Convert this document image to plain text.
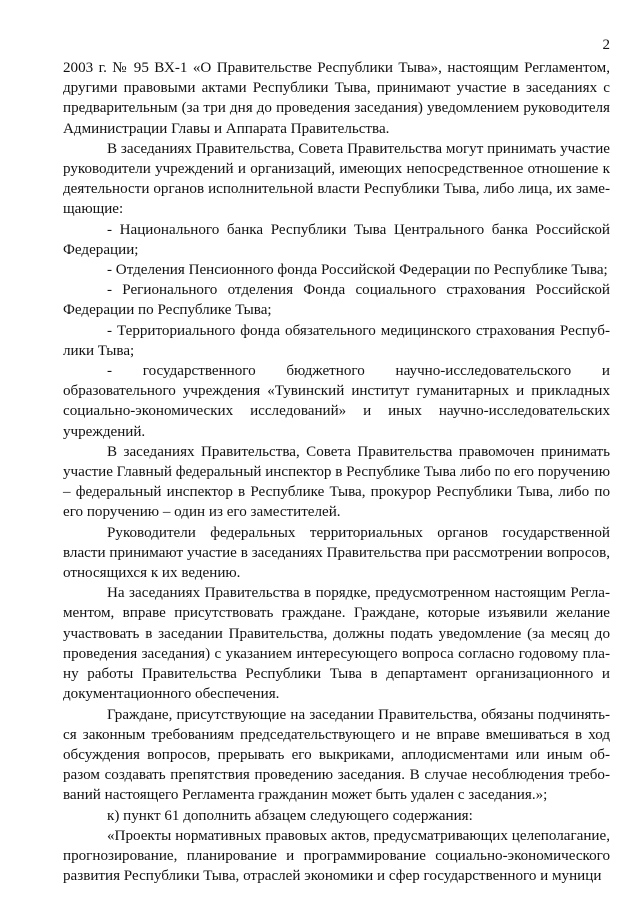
2

2003 г. № 95 ВХ-1 «О Правительстве Республики Тыва», настоящим Регламентом, другими правовыми актами Республики Тыва, принимают участие в заседаниях с предварительным (за три дня до проведения заседания) уведомлением руководителя Администрации Главы и Аппарата Правительства.

В заседаниях Правительства, Совета Правительства могут принимать участие руководители учреждений и организаций, имеющих непосредственное отношение к деятельности органов исполнительной власти Республики Тыва, либо лица, их замещающие:

- Национального банка Республики Тыва Центрального банка Российской Федерации;

- Отделения Пенсионного фонда Российской Федерации по Республике Тыва;

- Регионального отделения Фонда социального страхования Российской Федерации по Республике Тыва;

- Территориального фонда обязательного медицинского страхования Республики Тыва;

- государственного бюджетного научно-исследовательского и образовательного учреждения «Тувинский институт гуманитарных и прикладных социально-экономических исследований» и иных научно-исследовательских учреждений.

В заседаниях Правительства, Совета Правительства правомочен принимать участие Главный федеральный инспектор в Республике Тыва либо по его поручению – федеральный инспектор в Республике Тыва, прокурор Республики Тыва, либо по его поручению – один из его заместителей.

Руководители федеральных территориальных органов государственной власти принимают участие в заседаниях Правительства при рассмотрении вопросов, относящихся к их ведению.

На заседаниях Правительства в порядке, предусмотренном настоящим Регламентом, вправе присутствовать граждане. Граждане, которые изъявили желание участвовать в заседании Правительства, должны подать уведомление (за месяц до проведения заседания) с указанием интересующего вопроса согласно годовому плану работы Правительства Республики Тыва в департамент организационного и документационного обеспечения.

Граждане, присутствующие на заседании Правительства, обязаны подчиняться законным требованиям председательствующего и не вправе вмешиваться в ход обсуждения вопросов, прерывать его выкриками, аплодисментами или иным образом создавать препятствия проведению заседания. В случае несоблюдения требований настоящего Регламента гражданин может быть удален с заседания.»;

к) пункт 61 дополнить абзацем следующего содержания:

«Проекты нормативных правовых актов, предусматривающих целеполагание, прогнозирование, планирование и программирование социально-экономического развития Республики Тыва, отраслей экономики и сфер государственного и муници
